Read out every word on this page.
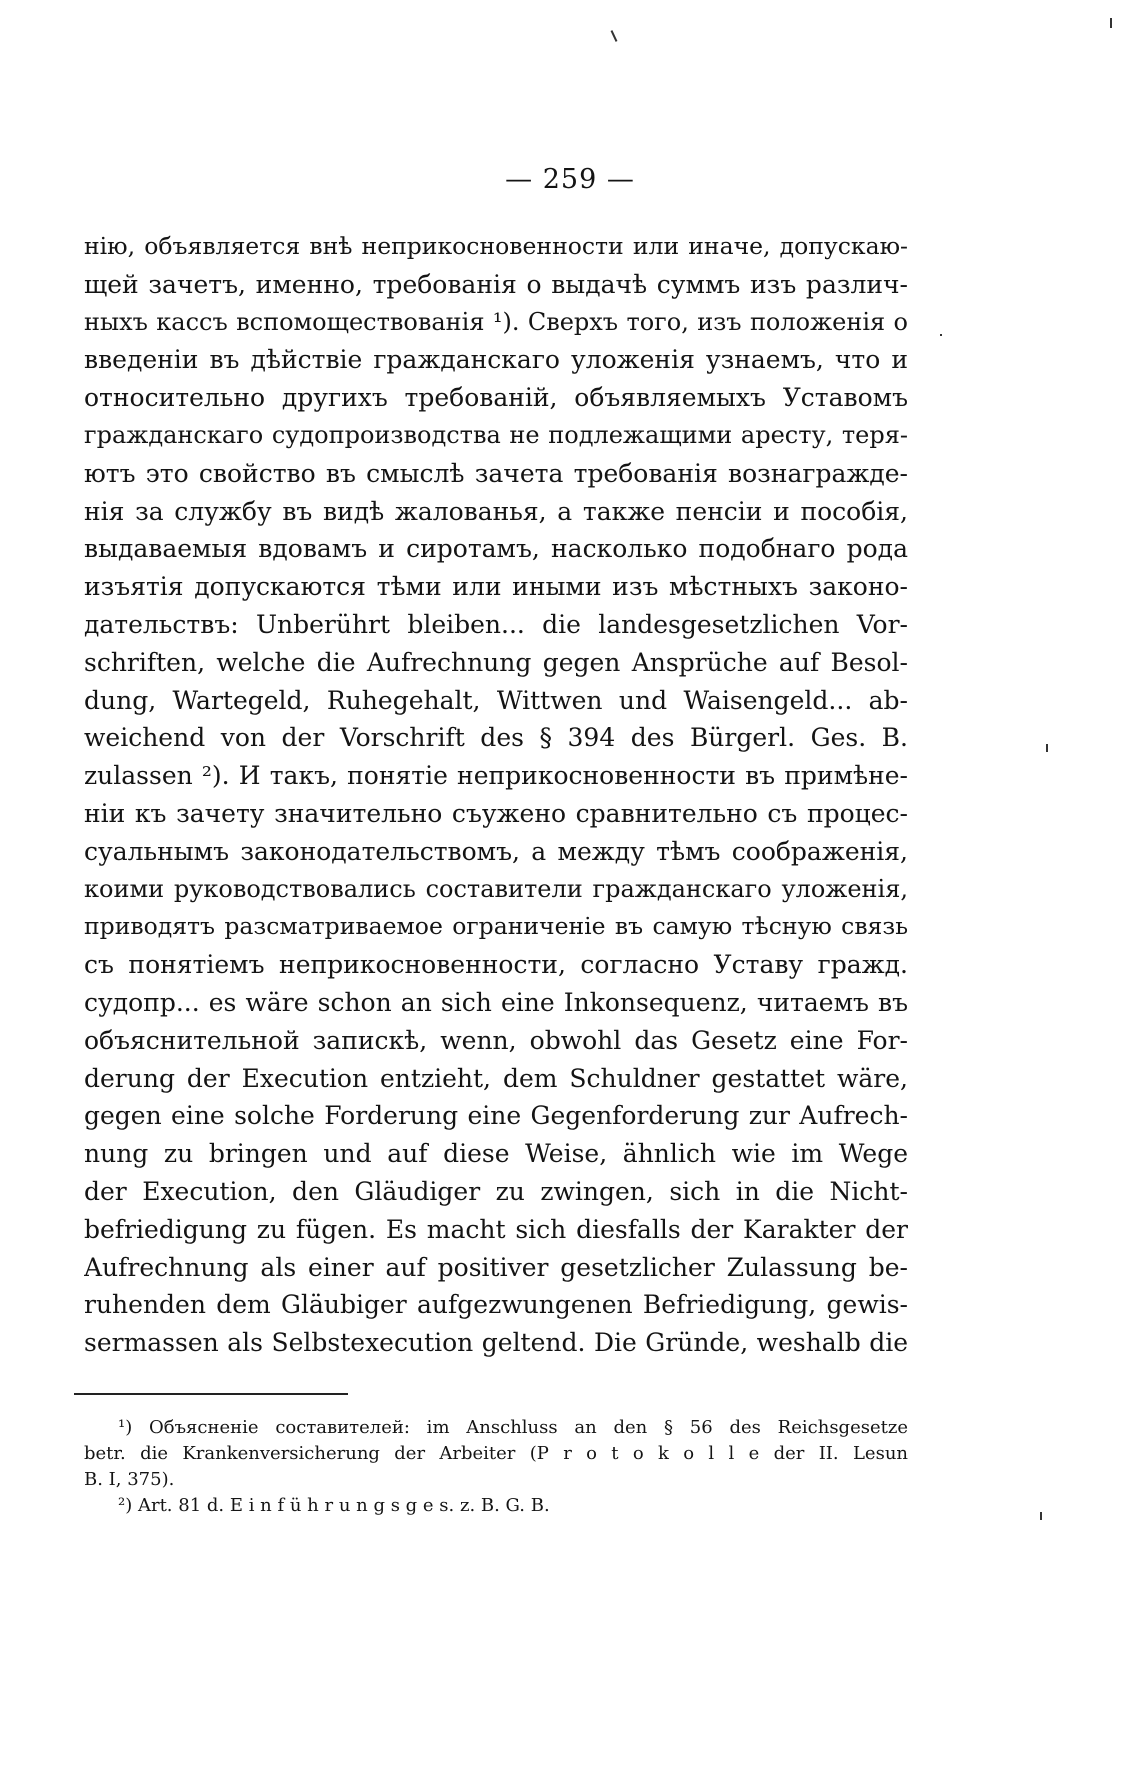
— 259 —
нію, объявляется внѣ неприкосновенности или иначе, допускаю-
щей зачетъ, именно, требованія о выдачѣ суммъ изъ различ-
ныхъ кассъ вспомоществованія ¹). Сверхъ того, изъ положенія о
введеніи въ дѣйствіе гражданскаго уложенія узнаемъ, что и
относительно другихъ требованій, объявляемыхъ Уставомъ
гражданскаго судопроизводства не подлежащими аресту, теря-
ютъ это свойство въ смыслѣ зачета требованія вознагражде-
нія за службу въ видѣ жалованья, а также пенсіи и пособія,
выдаваемыя вдовамъ и сиротамъ, насколько подобнаго рода
изъятія допускаются тѣми или иными изъ мѣстныхъ законо-
дательствъ: Unberührt bleiben... die landesgesetzlichen Vor-
schriften, welche die Aufrechnung gegen Ansprüche auf Besol-
dung, Wartegeld, Ruhegehalt, Wittwen und Waisengeld... ab-
weichend von der Vorschrift des § 394 des Bürgerl. Ges. B.
zulassen ²). И такъ, понятіе неприкосновенности въ примѣне-
ніи къ зачету значительно съужено сравнительно съ процес-
суальнымъ законодательствомъ, а между тѣмъ соображенія,
коими руководствовались составители гражданскаго уложенія,
приводятъ разсматриваемое ограниченіе въ самую тѣсную связь
съ понятіемъ неприкосновенности, согласно Уставу гражд.
судопр... es wäre schon an sich eine Inkonsequenz, читаемъ въ
объяснительной запискѣ, wenn, obwohl das Gesetz eine For-
derung der Execution entzieht, dem Schuldner gestattet wäre,
gegen eine solche Forderung eine Gegenforderung zur Aufrech-
nung zu bringen und auf diese Weise, ähnlich wie im Wege
der Execution, den Gläudiger zu zwingen, sich in die Nicht-
befriedigung zu fügen. Es macht sich diesfalls der Karakter der
Aufrechnung als einer auf positiver gesetzlicher Zulassung be-
ruhenden dem Gläubiger aufgezwungenen Befriedigung, gewis-
sermassen als Selbstexecution geltend. Die Gründe, weshalb die
¹) Объясненіе составителей: im Anschluss an den § 56 des Reichsgesetze
betr. die Krankenversicherung der Arbeiter (P r o t o k o l l e der II. Lesun
B. I, 375).
²) Art. 81 d. E i n f ü h r u n g s g e s. z. B. G. B.
